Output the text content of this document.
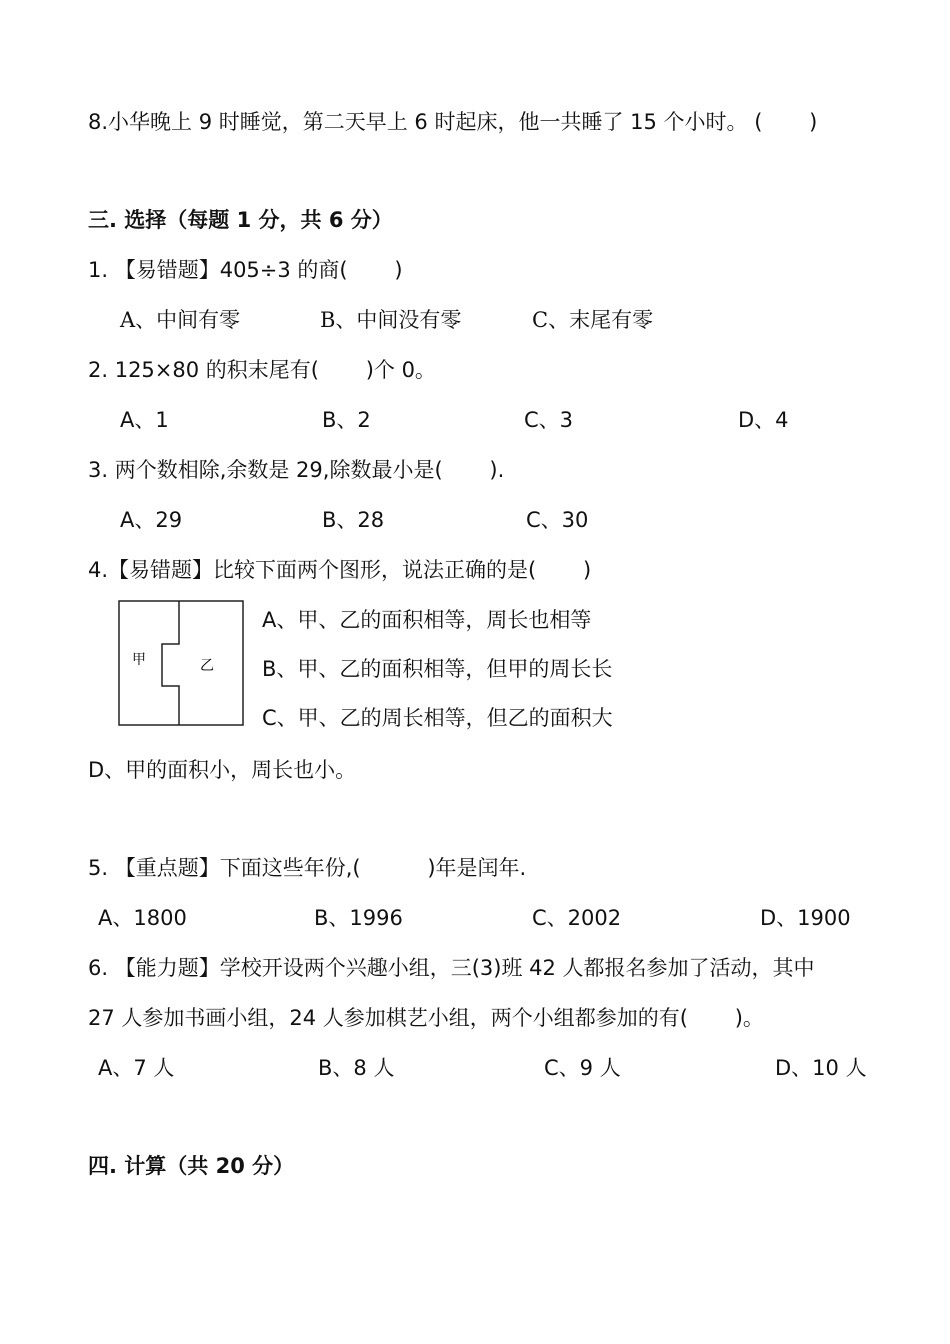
8.小华晚上 9 时睡觉，第二天早上 6 时起床，他一共睡了 15 个小时。 (       )
三. 选择（每题 1 分，共 6 分）
1. 【易错题】405÷3 的商(       )
A、中间有零	B、中间没有零	C、末尾有零
2. 125×80 的积末尾有(       )个 0。
A、1	B、2	C、3	D、4
3. 两个数相除,余数是 29,除数最小是(       ).
A、29	B、28	C、30
4.【易错题】比较下面两个图形，说法正确的是(       )
甲	乙
A、甲、乙的面积相等，周长也相等
B、甲、乙的面积相等，但甲的周长长
C、甲、乙的周长相等，但乙的面积大
D、甲的面积小，周长也小。
5. 【重点题】下面这些年份,(          )年是闰年.
A、1800	B、1996	C、2002	D、1900
6. 【能力题】学校开设两个兴趣小组，三(3)班 42 人都报名参加了活动，其中
27 人参加书画小组，24 人参加棋艺小组，两个小组都参加的有(       )。
A、7 人	B、8 人	C、9 人	D、10 人
四. 计算（共 20 分）
